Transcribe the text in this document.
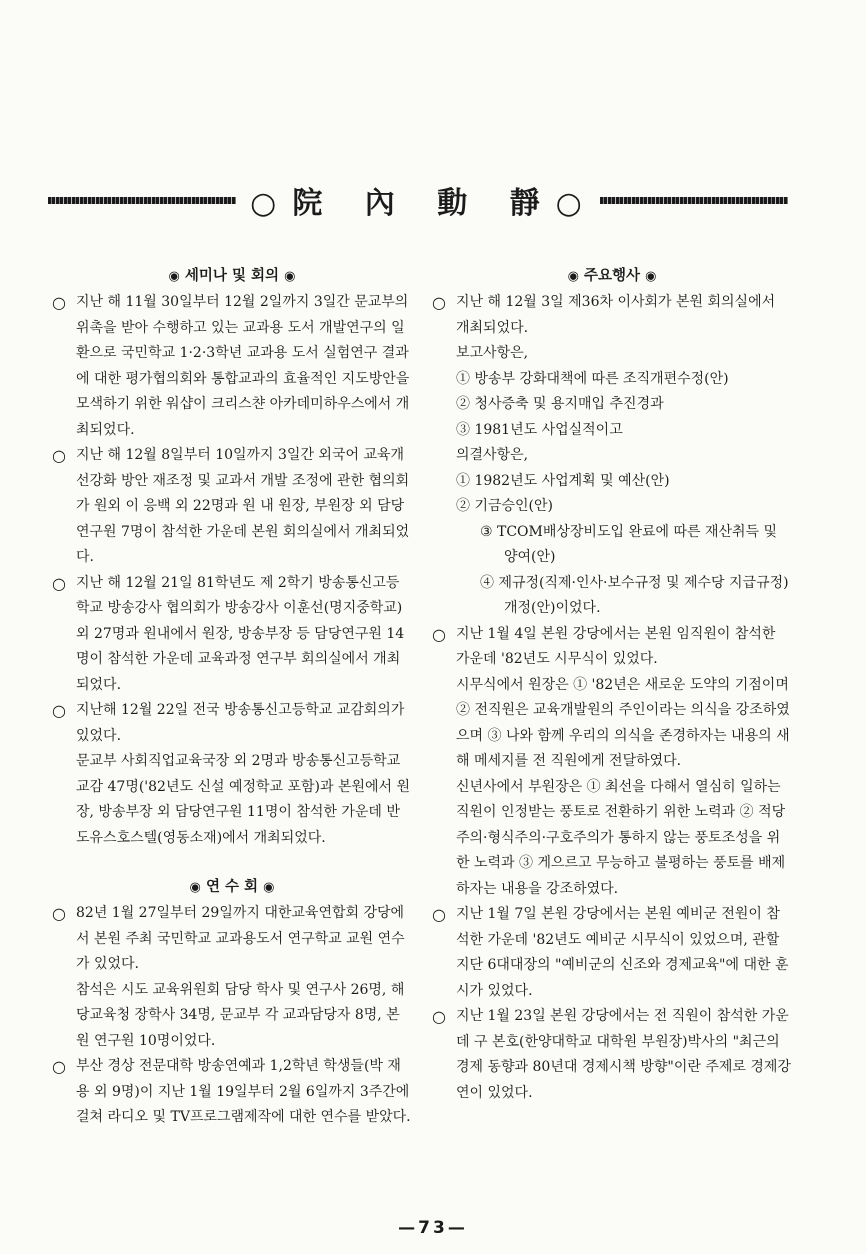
○院 內 動 靜○
◉ 세미나 및 회의 ◉
○ 지난 해 11월 30일부터 12월 2일까지 3일간 문교부의 위촉을 받아 수행하고 있는 교과용 도서 개발연구의 일환으로 국민학교 1·2·3학년 교과용 도서 실험연구 결과에 대한 평가협의회와 통합교과의 효율적인 지도방안을 모색하기 위한 워샵이 크리스챤 아카데미하우스에서 개최되었다.
○ 지난 해 12월 8일부터 10일까지 3일간 외국어 교육개선강화 방안 재조정 및 교과서 개발 조정에 관한 협의회가 원외 이 응백 외 22명과 원 내 원장, 부원장 외 담당연구원 7명이 참석한 가운데 본원 회의실에서 개최되었다.
○ 지난 해 12월 21일 81학년도 제 2학기 방송통신고등학교 방송강사 협의회가 방송강사 이훈선(명지중학교) 외 27명과 원내에서 원장, 방송부장 등 담당연구원 14명이 참석한 가운데 교육과정 연구부 회의실에서 개최되었다.
○ 지난해 12월 22일 전국 방송통신고등학교 교감회의가 있었다.
문교부 사회직업교육국장 외 2명과 방송통신고등학교 교감 47명('82년도 신설 예정학교 포함)과 본원에서 원장, 방송부장 외 담당연구원 11명이 참석한 가운데 반도유스호스텔(영동소재)에서 개최되었다.
◉ 연 수 회 ◉
○ 82년 1월 27일부터 29일까지 대한교육연합회 강당에서 본원 주최 국민학교 교과용도서 연구학교 교원 연수가 있었다.
참석은 시도 교육위원회 담당 학사 및 연구사 26명, 해당교육청 장학사 34명, 문교부 각 교과담당자 8명, 본원 연구원 10명이었다.
○ 부산 경상 전문대학 방송연예과 1,2학년 학생들(박 재용 외 9명)이 지난 1월 19일부터 2월 6일까지 3주간에 걸쳐 라디오 및 TV프로그램제작에 대한 연수를 받았다.
◉ 주요행사 ◉
○ 지난 해 12월 3일 제36차 이사회가 본원 회의실에서 개최되었다.
보고사항은,
① 방송부 강화대책에 따른 조직개편수정(안)
② 청사증축 및 용지매입 추진경과
③ 1981년도 사업실적이고
의결사항은,
① 1982년도 사업계획 및 예산(안)
② 기금승인(안)
③ TCOM배상장비도입 완료에 따른 재산취득 및 양여(안)
④ 제규정(직제·인사·보수규정 및 제수당 지급규정)개정(안)이었다.
○ 지난 1월 4일 본원 강당에서는 본원 임직원이 참석한 가운데 '82년도 시무식이 있었다.
시무식에서 원장은 ① '82년은 새로운 도약의 기점이며 ② 전직원은 교육개발원의 주인이라는 의식을 강조하였으며 ③ 나와 함께 우리의 의식을 존경하자는 내용의 새해 메세지를 전 직원에게 전달하였다.
신년사에서 부원장은 ① 최선을 다해서 열심히 일하는 직원이 인정받는 풍토로 전환하기 위한 노력과 ② 적당주의·형식주의·구호주의가 통하지 않는 풍토조성을 위한 노력과 ③ 게으르고 무능하고 불평하는 풍토를 배제하자는 내용을 강조하였다.
○ 지난 1월 7일 본원 강당에서는 본원 예비군 전원이 참석한 가운데 '82년도 예비군 시무식이 있었으며, 관할지단 6대대장의 "예비군의 신조와 경제교육"에 대한 훈시가 있었다.
○ 지난 1월 23일 본원 강당에서는 전 직원이 참석한 가운데 구 본호(한양대학교 대학원 부원장)박사의 "최근의 경제 동향과 80년대 경제시책 방향"이란 주제로 경제강연이 있었다.
—73—
